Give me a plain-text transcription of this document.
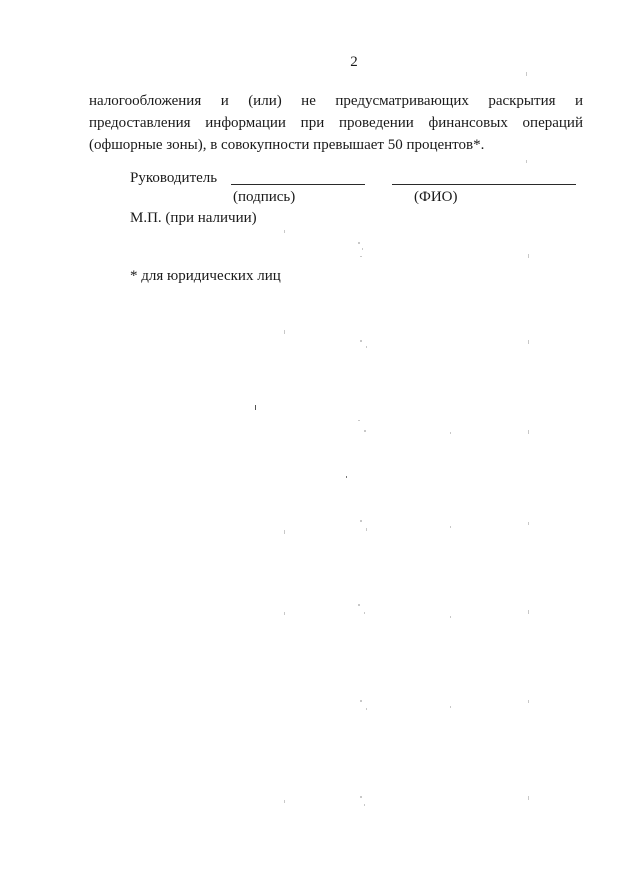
2
налогообложения и (или) не предусматривающих раскрытия и
предоставления информации при проведении финансовых операций
(офшорные зоны), в совокупности превышает 50 процентов*.
Руководитель
(подпись)	(ФИО)
М.П. (при наличии)
* для юридических лиц
